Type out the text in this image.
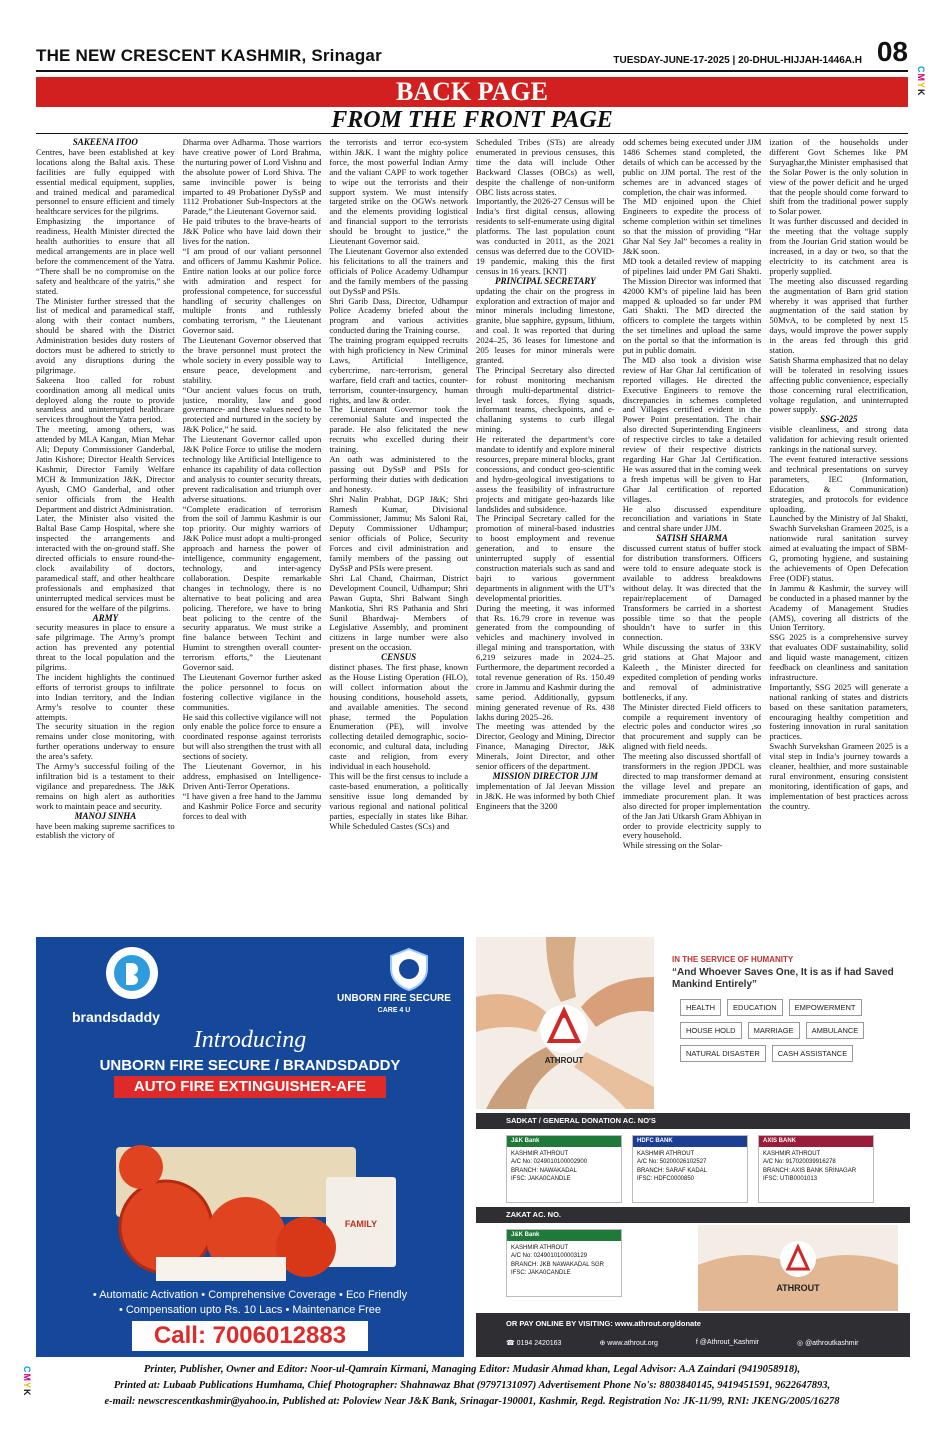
THE NEW CRESCENT KASHMIR, Srinagar	TUESDAY-JUNE-17-2025 | 20-DHUL-HIJJAH-1446A.H 08
CMYK
CMYK
BACK PAGE
FROM THE FRONT PAGE
SAKEENA ITOO
Centres, have been established at key locations along the Baltal axis. These facilities are fully equipped with essential medical equipment, supplies, and trained medical and paramedical personnel to ensure efficient and timely healthcare services for the pilgrims.
Emphasizing the importance of readiness, Health Minister directed the health authorities to ensure that all medical arrangements are in place well before the commencement of the Yatra. “There shall be no compromise on the safety and healthcare of the yatris,” she stated.
The Minister further stressed that the list of medical and paramedical staff, along with their contact numbers, should be shared with the District Administration besides duty rosters of doctors must be adhered to strictly to avoid any disruptions during the pilgrimage.
Sakeena Itoo called for robust coordination among all medical units deployed along the route to provide seamless and uninterrupted healthcare services throughout the Yatra period.
The meeting, among others, was attended by MLA Kangan, Mian Mehar Ali; Deputy Commissioner Ganderbal, Jatin Kishore; Director Health Services Kashmir, Director Family Welfare MCH & Immunization J&K, Director Ayush, CMO Ganderbal, and other senior officials from the Health Department and district Administration.
Later, the Minister also visited the Baltal Base Camp Hospital, where she inspected the arrangements and interacted with the on-ground staff. She directed officials to ensure round-the-clock availability of doctors, paramedical staff, and other healthcare professionals and emphasized that uninterrupted medical services must be ensured for the welfare of the pilgrims.
ARMY
security measures in place to ensure a safe pilgrimage. The Army’s prompt action has prevented any potential threat to the local population and the pilgrims.
The incident highlights the continued efforts of terrorist groups to infiltrate into Indian territory, and the Indian Army’s resolve to counter these attempts.
The security situation in the region remains under close monitoring, with further operations underway to ensure the area’s safety.
The Army’s successful foiling of the infiltration bid is a testament to their vigilance and preparedness. The J&K remains on high alert as authorities work to maintain peace and security.
MANOJ SINHA
have been making supreme sacrifices to establish the victory of
Dharma over Adharma. Those warriors have creative power of Lord Brahma, the nurturing power of Lord Vishnu and the absolute power of Lord Shiva. The same invincible power is being imparted to 49 Probationer DySsP and 1112 Probationer Sub-Inspectors at the Parade,” the Lieutenant Governor said.
He paid tributes to the brave-hearts of J&K Police who have laid down their lives for the nation.
“I am proud of our valiant personnel and officers of Jammu Kashmir Police. Entire nation looks at our police force with admiration and respect for professional competence, for successful handling of security challenges on multiple fronts and ruthlessly combating terrorism, ” the Lieutenant Governor said.
The Lieutenant Governor observed that the brave personnel must protect the whole society in every possible way to ensure peace, development and stability.
“Our ancient values focus on truth, justice, morality, law and good governance- and these values need to be protected and nurtured in the society by J&K Police,” he said.
The Lieutenant Governor called upon J&K Police Force to utilise the modern technology like Artificial Intelligence to enhance its capability of data collection and analysis to counter security threats, prevent radicalisation and triumph over adverse situations.
“Complete eradication of terrorism from the soil of Jammu Kashmir is our top priority. Our mighty warriors of J&K Police must adopt a multi-pronged approach and harness the power of intelligence, community engagement, technology, and inter-agency collaboration. Despite remarkable changes in technology, there is no alternative to beat policing and area policing. Therefore, we have to bring beat policing to the centre of the security apparatus. We must strike a fine balance between Techint and Humint to strengthen overall counter-terrorism efforts,” the Lieutenant Governor said.
The Lieutenant Governor further asked the police personnel to focus on fostering collective vigilance in the communities.
He said this collective vigilance will not only enable the police force to ensure a coordinated response against terrorists but will also strengthen the trust with all sections of society.
The Lieutenant Governor, in his address, emphasised on Intelligence-Driven Anti-Terror Operations.
“I have given a free hand to the Jammu and Kashmir Police Force and security forces to deal with
the terrorists and terror eco-system within J&K. I want the mighty police force, the most powerful Indian Army and the valiant CAPF to work together to wipe out the terrorists and their support system. We must intensify targeted strike on the OGWs network and the elements providing logistical and financial support to the terrorists should be brought to justice,” the Lieutenant Governor said.
The Lieutenant Governor also extended his felicitations to all the trainers and officials of Police Academy Udhampur and the family members of the passing out DySsP and PSIs.
Shri Garib Dass, Director, Udhampur Police Academy briefed about the program and various activities conducted during the Training course.
The training program equipped recruits with high proficiency in New Criminal Laws, Artificial Intelligence, cybercrime, narc-terrorism, general warfare, field craft and tactics, counter-terrorism, counter-insurgency, human rights, and law & order.
The Lieutenant Governor took the ceremonial Salute and inspected the parade. He also felicitated the new recruits who excelled during their training.
An oath was administered to the passing out DySsP and PSIs for performing their duties with dedication and honesty.
Shri Nalin Prabhat, DGP J&K; Shri Ramesh Kumar, Divisional Commissioner, Jammu; Ms Saloni Rai, Deputy Commissioner Udhampur; senior officials of Police, Security Forces and civil administration and family members of the passing out DySsP and PSIs were present.
Shri Lal Chand, Chairman, District Development Council, Udhampur; Shri Pawan Gupta, Shri Balwant Singh Mankotia, Shri RS Pathania and Shri Sunil Bhardwaj- Members of Legislative Assembly, and prominent citizens in large number were also present on the occasion.
CENSUS
distinct phases. The first phase, known as the House Listing Operation (HLO), will collect information about the housing conditions, household assets, and available amenities. The second phase, termed the Population Enumeration (PE), will involve collecting detailed demographic, socio-economic, and cultural data, including caste and religion, from every individual in each household.
This will be the first census to include a caste-based enumeration, a politically sensitive issue long demanded by various regional and national political parties, especially in states like Bihar. While Scheduled Castes (SCs) and
Scheduled Tribes (STs) are already enumerated in previous censuses, this time the data will include Other Backward Classes (OBCs) as well, despite the challenge of non-uniform OBC lists across states.
Importantly, the 2026-27 Census will be India’s first digital census, allowing residents to self-enumerate using digital platforms. The last population count was conducted in 2011, as the 2021 census was deferred due to the COVID-19 pandemic, making this the first census in 16 years. [KNT]
PRINCIPAL SECRETARY
updating the chair on the progress in exploration and extraction of major and minor minerals including limestone, granite, blue sapphire, gypsum, lithium, and coal. It was reported that during 2024–25, 36 leases for limestone and 205 leases for minor minerals were granted.
The Principal Secretary also directed for robust monitoring mechanism through multi-departmental district-level task forces, flying squads, informant teams, checkpoints, and e-challaning systems to curb illegal mining.
He reiterated the department’s core mandate to identify and explore mineral resources, prepare mineral blocks, grant concessions, and conduct geo-scientific and hydro-geological investigations to assess the feasibility of infrastructure projects and mitigate geo-hazards like landslides and subsidence.
The Principal Secretary called for the promotion of mineral-based industries to boost employment and revenue generation, and to ensure the uninterrupted supply of essential construction materials such as sand and bajri to various government departments in alignment with the UT’s developmental priorities.
During the meeting, it was informed that Rs. 16.79 crore in revenue was generated from the compounding of vehicles and machinery involved in illegal mining and transportation, with 6,219 seizures made in 2024–25. Furthermore, the department recorded a total revenue generation of Rs. 150.49 crore in Jammu and Kashmir during the same period. Additionally, gypsum mining generated revenue of Rs. 438 lakhs during 2025–26.
The meeting was attended by the Director, Geology and Mining, Director Finance, Managing Director, J&K Minerals, Joint Director, and other senior officers of the department.
MISSION DIRECTOR JJM
implementation of Jal Jeevan Mission in J&K. He was informed by both Chief Engineers that the 3200
odd schemes being executed under JJM 1486 Schemes stand completed, the details of which can be accessed by the public on JJM portal. The rest of the schemes are in advanced stages of completion, the chair was informed.
The MD enjoined upon the Chief Engineers to expedite the process of scheme completion within set timelines so that the mission of providing “Har Ghar Nal Sey Jal” becomes a reality in J&K soon.
MD took a detailed review of mapping of pipelines laid under PM Gati Shakti. The Mission Director was informed that 42000 KM’s of pipeline laid has been mapped & uploaded so far under PM Gati Shakti. The MD directed the officers to complete the targets within the set timelines and upload the same on the portal so that the information is put in public domain.
The MD also took a division wise review of Har Ghar Jal certification of reported villages. He directed the Executive Engineers to remove the discrepancies in schemes completed and Villages certified evident in the Power Point presentation. The chair also directed Superintending Engineers of respective circles to take a detailed review of their respective districts regarding Har Ghar Jal Certification. He was assured that in the coming week a fresh impetus will be given to Har Ghar Jal certification of reported villages.
He also discussed expenditure reconciliation and variations in State and central share under JJM.
SATISH SHARMA
discussed current status of buffer stock for distribution transformers. Officers were told to ensure adequate stock is available to address breakdowns without delay. It was directed that the repair/replacement of Damaged Transformers be carried in a shortest possible time so that the people shouldn’t have to surfer in this connection.
While discussing the status of 33KV grid stations at Ghat Majoor and Kaleeth , the Minister directed for expedited completion of pending works and removal of administrative bottlenecks, if any.
The Minister directed Field officers to compile a requirement inventory of electric poles and conductor wires ,so that procurement and supply can be aligned with field needs.
The meeting also discussed shortfall of transformers in the region JPDCL was directed to map transformer demand at the village level and prepare an immediate procurement plan. It was also directed for proper implementation of the Jan Jati Utkarsh Gram Abhiyan in order to provide electricity supply to every household.
While stressing on the Solar-
ization of the households under different Govt Schemes like PM Suryaghar,the Minister emphasised that the Solar Power is the only solution in view of the power deficit and he urged that the people should come forward to shift from the traditional power supply to Solar power.
It was further discussed and decided in the meeting that the voltage supply from the Jourian Grid station would be increased, in a day or two, so that the electricity to its catchment area is properly supplied.
The meeting also discussed regarding the augmentation of Barn grid station whereby it was apprised that further augmentation of the said station by 50MvA, to be completed by next 15 days, would improve the power supply in the areas fed through this grid station.
Satish Sharma emphasized that no delay will be tolerated in resolving issues affecting public convenience, especially those concerning rural electrification, voltage regulation, and uninterrupted power supply.
SSG-2025
visible cleanliness, and strong data validation for achieving result oriented rankings in the national survey.
The event featured interactive sessions and technical presentations on survey parameters, IEC (Information, Education & Communication) strategies, and protocols for evidence uploading.
Launched by the Ministry of Jal Shakti, Swachh Survekshan Grameen 2025, is a nationwide rural sanitation survey aimed at evaluating the impact of SBM-G, promoting hygiene, and sustaining the achievements of Open Defecation Free (ODF) status.
In Jammu & Kashmir, the survey will be conducted in a phased manner by the Academy of Management Studies (AMS), covering all districts of the Union Territory.
SSG 2025 is a comprehensive survey that evaluates ODF sustainability, solid and liquid waste management, citizen feedback on cleanliness and sanitation infrastructure.
Importantly, SSG 2025 will generate a national ranking of states and districts based on these sanitation parameters, encouraging healthy competition and fostering innovation in rural sanitation practices.
Swachh Survekshan Grameen 2025 is a vital step in India’s journey towards a cleaner, healthier, and more sustainable rural environment, ensuring consistent monitoring, identification of gaps, and implementation of best practices across the country.
brandsdaddy
UNBORN FIRE SECURE
CARE 4 U
Introducing
UNBORN FIRE SECURE / BRANDSDADDY
AUTO FIRE EXTINGUISHER-AFE
FAMILY
• Automatic Activation • Comprehensive Coverage • Eco Friendly
• Compensation upto Rs. 10 Lacs • Maintenance Free
Call: 7006012883
ATHROUT
IN THE SERVICE OF HUMANITY
“And Whoever Saves One, It is as if had Saved Mankind Entirely”
HEALTH	EDUCATION	EMPOWERMENT
HOUSE HOLD	MARRIAGE	AMBULANCE
NATURAL DISASTER	CASH ASSISTANCE
SADKAT / GENERAL DONATION AC. NO'S
J&K Bank
KASHMIR ATHROUT
A/C No: 0249010100002900
BRANCH: NAWAKADAL
IFSC: JAKA0CANDLE
HDFC BANK
KASHMIR ATHROUT
A/C No: 50200026102527
BRANCH: SARAF KADAL
IFSC: HDFC0000850
AXIS BANK
KASHMIR ATHROUT
A/C No: 917020039916278
BRANCH: AXIS BANK SRINAGAR
IFSC: UTIB0001013
ZAKAT AC. NO.
J&K Bank
KASHMIR ATHROUT
A/C No: 0249010100003129
BRANCH: JKB NAWAKADAL SGR
IFSC: JAKA0CANDLE
ATHROUT
OR PAY ONLINE BY VISITING: www.athrout.org/donate
☎ 0194 2420163	⊕ www.athrout.org	f @Athrout_Kashmir	◎ @athroutkashmir
Printer, Publisher, Owner and Editor: Noor-ul-Qamrain Kirmani, Managing Editor: Mudasir Ahmad khan, Legal Advisor: A.A Zaindari (9419058918),
Printed at: Lubaab Publications Humhama, Chief Photographer: Shahnawaz Bhat (9797131097) Advertisement Phone No's: 8803840145, 9419451591, 9622647893,
e-mail: newscrescentkashmir@yahoo.in, Published at: Poloview Near J&K Bank, Srinagar-190001, Kashmir, Regd. Registration No: JK-11/99, RNI: JKENG/2005/16278
